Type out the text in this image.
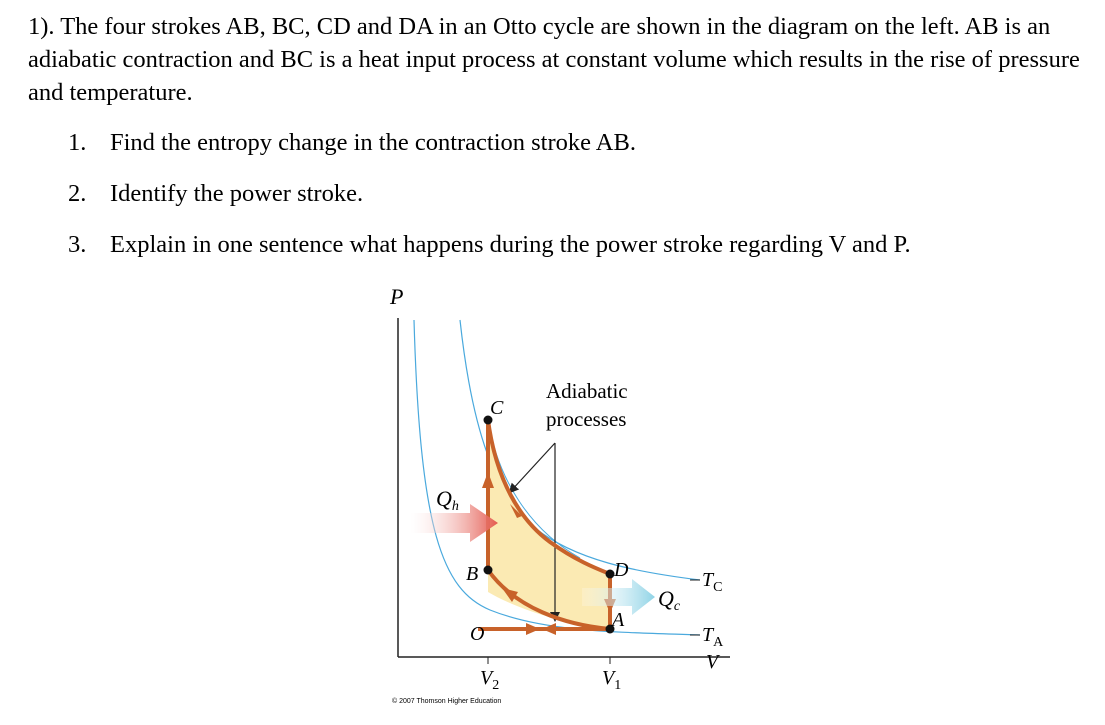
1). The four strokes AB, BC, CD and DA in an Otto cycle are shown in the diagram on the left. AB is an adiabatic contraction and BC is a heat input process at constant volume which results in the rise of pressure and temperature.

1. Find the entropy change in the contraction stroke AB.
2. Identify the power stroke.
3. Explain in one sentence what happens during the power stroke regarding V and P.
P
V
C
B	D
A
O
Adiabatic
processes
Qh
Qc
$T_C$
$T_A$
$V_2$	$V_1$
© 2007 Thomson Higher Education
